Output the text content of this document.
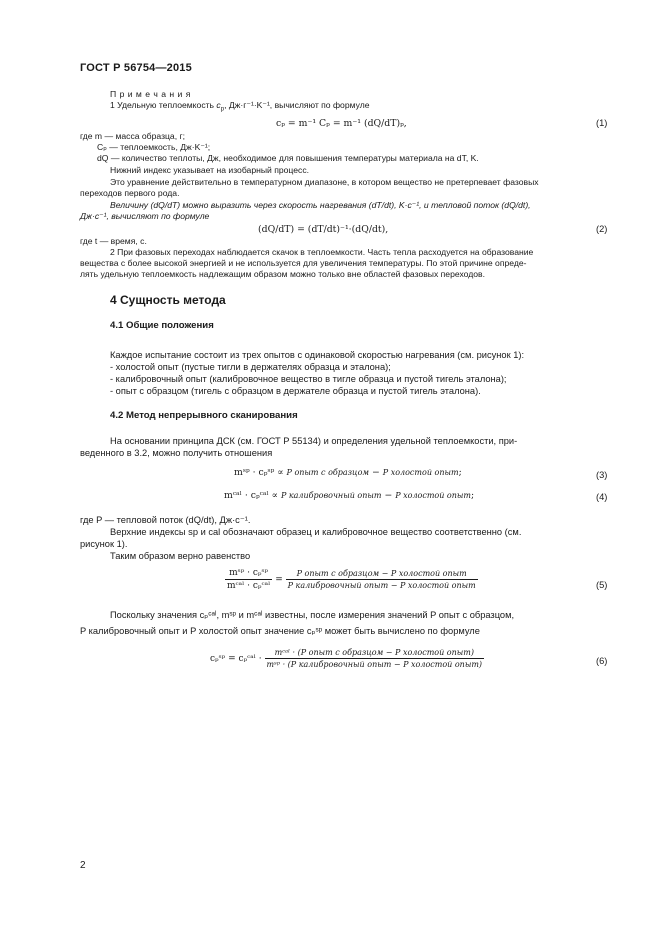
ГОСТ Р 56754—2015
П р и м е ч а н и я
1 Удельную теплоемкость $c_p$, Дж·г⁻¹·K⁻¹, вычисляют по формуле
cₚ = m⁻¹ Cₚ = m⁻¹ (dQ/dT)ₚ,	(1)
где m — масса образца, г;
Cₚ — теплоемкость, Дж·K⁻¹;
dQ — количество теплоты, Дж, необходимое для повышения температуры материала на dT, K.
Нижний индекс указывает на изобарный процесс.
Это уравнение действительно в температурном диапазоне, в котором вещество не претерпевает фазовых
переходов первого рода.
Величину (dQ/dT) можно выразить через скорость нагревания (dT/dt), K·c⁻¹, и тепловой поток (dQ/dt),
Дж·c⁻¹, вычисляют по формуле
(dQ/dT) = (dT/dt)⁻¹·(dQ/dt),	(2)
где t — время, с.
2 При фазовых переходах наблюдается скачок в теплоемкости. Часть тепла расходуется на образование
вещества с более высокой энергией и не используется для увеличения температуры. По этой причине опреде-
лять удельную теплоемкость надлежащим образом можно только вне областей фазовых переходов.
4 Сущность метода
4.1 Общие положения
Каждое испытание состоит из трех опытов с одинаковой скоростью нагревания (см. рисунок 1):
- холостой опыт (пустые тигли в держателях образца и эталона);
- калибровочный опыт (калибровочное вещество в тигле образца и пустой тигель эталона);
- опыт с образцом (тигель с образцом в держателе образца и пустой тигель эталона).
4.2 Метод непрерывного сканирования
На основании принципа ДСК (см. ГОСТ Р 55134) и определения удельной теплоемкости, при-
веденного в 3.2, можно получить отношения
mˢᵖ · cₚˢᵖ ∝ P опыт с образцом − P холостой опыт;	(3)
mᶜᵃˡ · cₚᶜᵃˡ ∝ P калибровочный опыт − P холостой опыт;	(4)
где P — тепловой поток (dQ/dt), Дж·c⁻¹.
Верхние индексы sp и cal обозначают образец и калибровочное вещество соответственно (см.
рисунок 1).
Таким образом верно равенство
$\frac{\text{mˢᵖ · cₚˢᵖ}}{\text{mᶜᵃˡ · cₚᶜᵃˡ}} = \frac{\text{P опыт с образцом − P холостой опыт}}{\text{P калибровочный опыт − P холостой опыт}}$	(5)
Поскольку значения cₚᶜᵃˡ, mˢᵖ и mᶜᵃˡ известны, после измерения значений P опыт с образцом,
P калибровочный опыт и P холостой опыт значение cₚˢᵖ может быть вычислено по формуле
cₚˢᵖ = cₚᶜᵃˡ · $\frac{\text{mᶜᵃˡ · (P опыт с образцом − P холостой опыт)}}{\text{mˢᵖ · (P калибровочный опыт − P холостой опыт)}}$	(6)
2
